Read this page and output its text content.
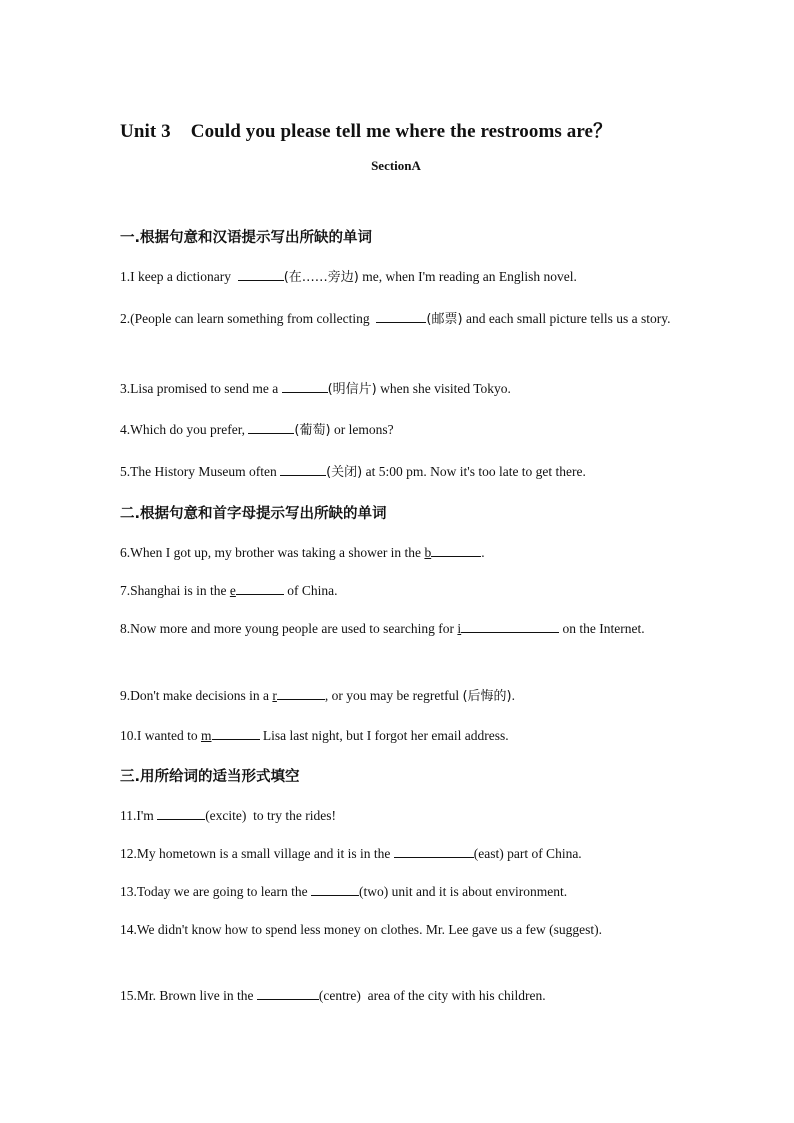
Unit 3 Could you please tell me where the restrooms are？
SectionA
一.根据句意和汉语提示写出所缺的单词
1.I keep a dictionary	(在……旁边) me, when I'm reading an English novel.
2.(People can learn something from collecting	(邮票) and each small picture tells us a story.
3.Lisa promised to send me a	(明信片) when she visited Tokyo.
4.Which do you prefer,	(葡萄) or lemons?
5.The History Museum often	(关闭) at 5:00 pm. Now it's too late to get there.
二.根据句意和首字母提示写出所缺的单词
6.When I got up, my brother was taking a shower in the b	.
7.Shanghai is in the e	of China.
8.Now more and more young people are used to searching for i	on the Internet.
9.Don't make decisions in a r	, or you may be regretful (后悔的).
10.I wanted to m	Lisa last night, but I forgot her email address.
三.用所给词的适当形式填空
11.I'm	(excite) to try the rides!
12.My hometown is a small village and it is in the	(east) part of China.
13.Today we are going to learn the	(two) unit and it is about environment.
14.We didn't know how to spend less money on clothes. Mr. Lee gave us a few (suggest).
15.Mr. Brown live in the	(centre) area of the city with his children.
